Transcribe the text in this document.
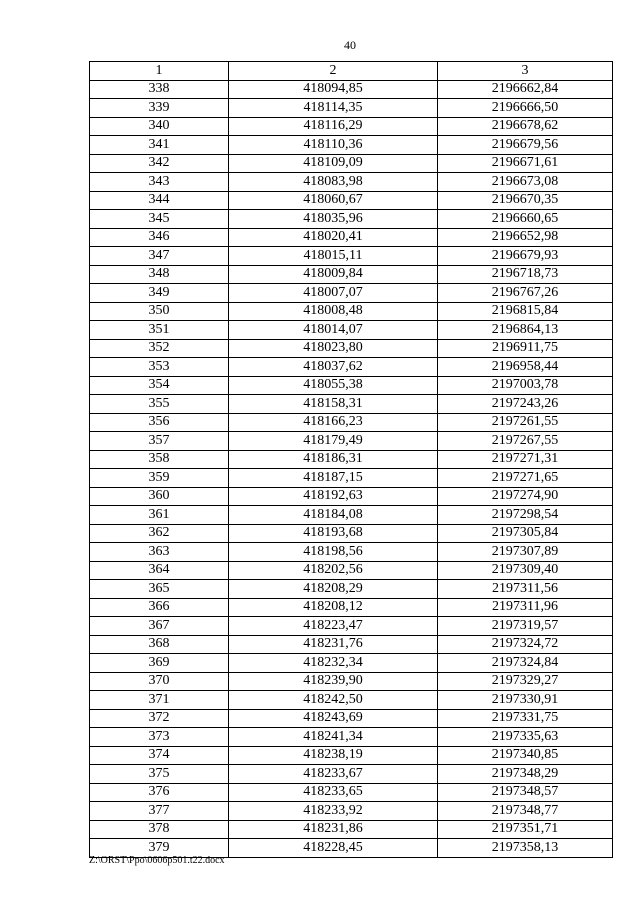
40
1	2	3
338	418094,85	2196662,84
339	418114,35	2196666,50
340	418116,29	2196678,62
341	418110,36	2196679,56
342	418109,09	2196671,61
343	418083,98	2196673,08
344	418060,67	2196670,35
345	418035,96	2196660,65
346	418020,41	2196652,98
347	418015,11	2196679,93
348	418009,84	2196718,73
349	418007,07	2196767,26
350	418008,48	2196815,84
351	418014,07	2196864,13
352	418023,80	2196911,75
353	418037,62	2196958,44
354	418055,38	2197003,78
355	418158,31	2197243,26
356	418166,23	2197261,55
357	418179,49	2197267,55
358	418186,31	2197271,31
359	418187,15	2197271,65
360	418192,63	2197274,90
361	418184,08	2197298,54
362	418193,68	2197305,84
363	418198,56	2197307,89
364	418202,56	2197309,40
365	418208,29	2197311,56
366	418208,12	2197311,96
367	418223,47	2197319,57
368	418231,76	2197324,72
369	418232,34	2197324,84
370	418239,90	2197329,27
371	418242,50	2197330,91
372	418243,69	2197331,75
373	418241,34	2197335,63
374	418238,19	2197340,85
375	418233,67	2197348,29
376	418233,65	2197348,57
377	418233,92	2197348,77
378	418231,86	2197351,71
379	418228,45	2197358,13
Z:\ORST\Ppo\0606p501.t22.docx
